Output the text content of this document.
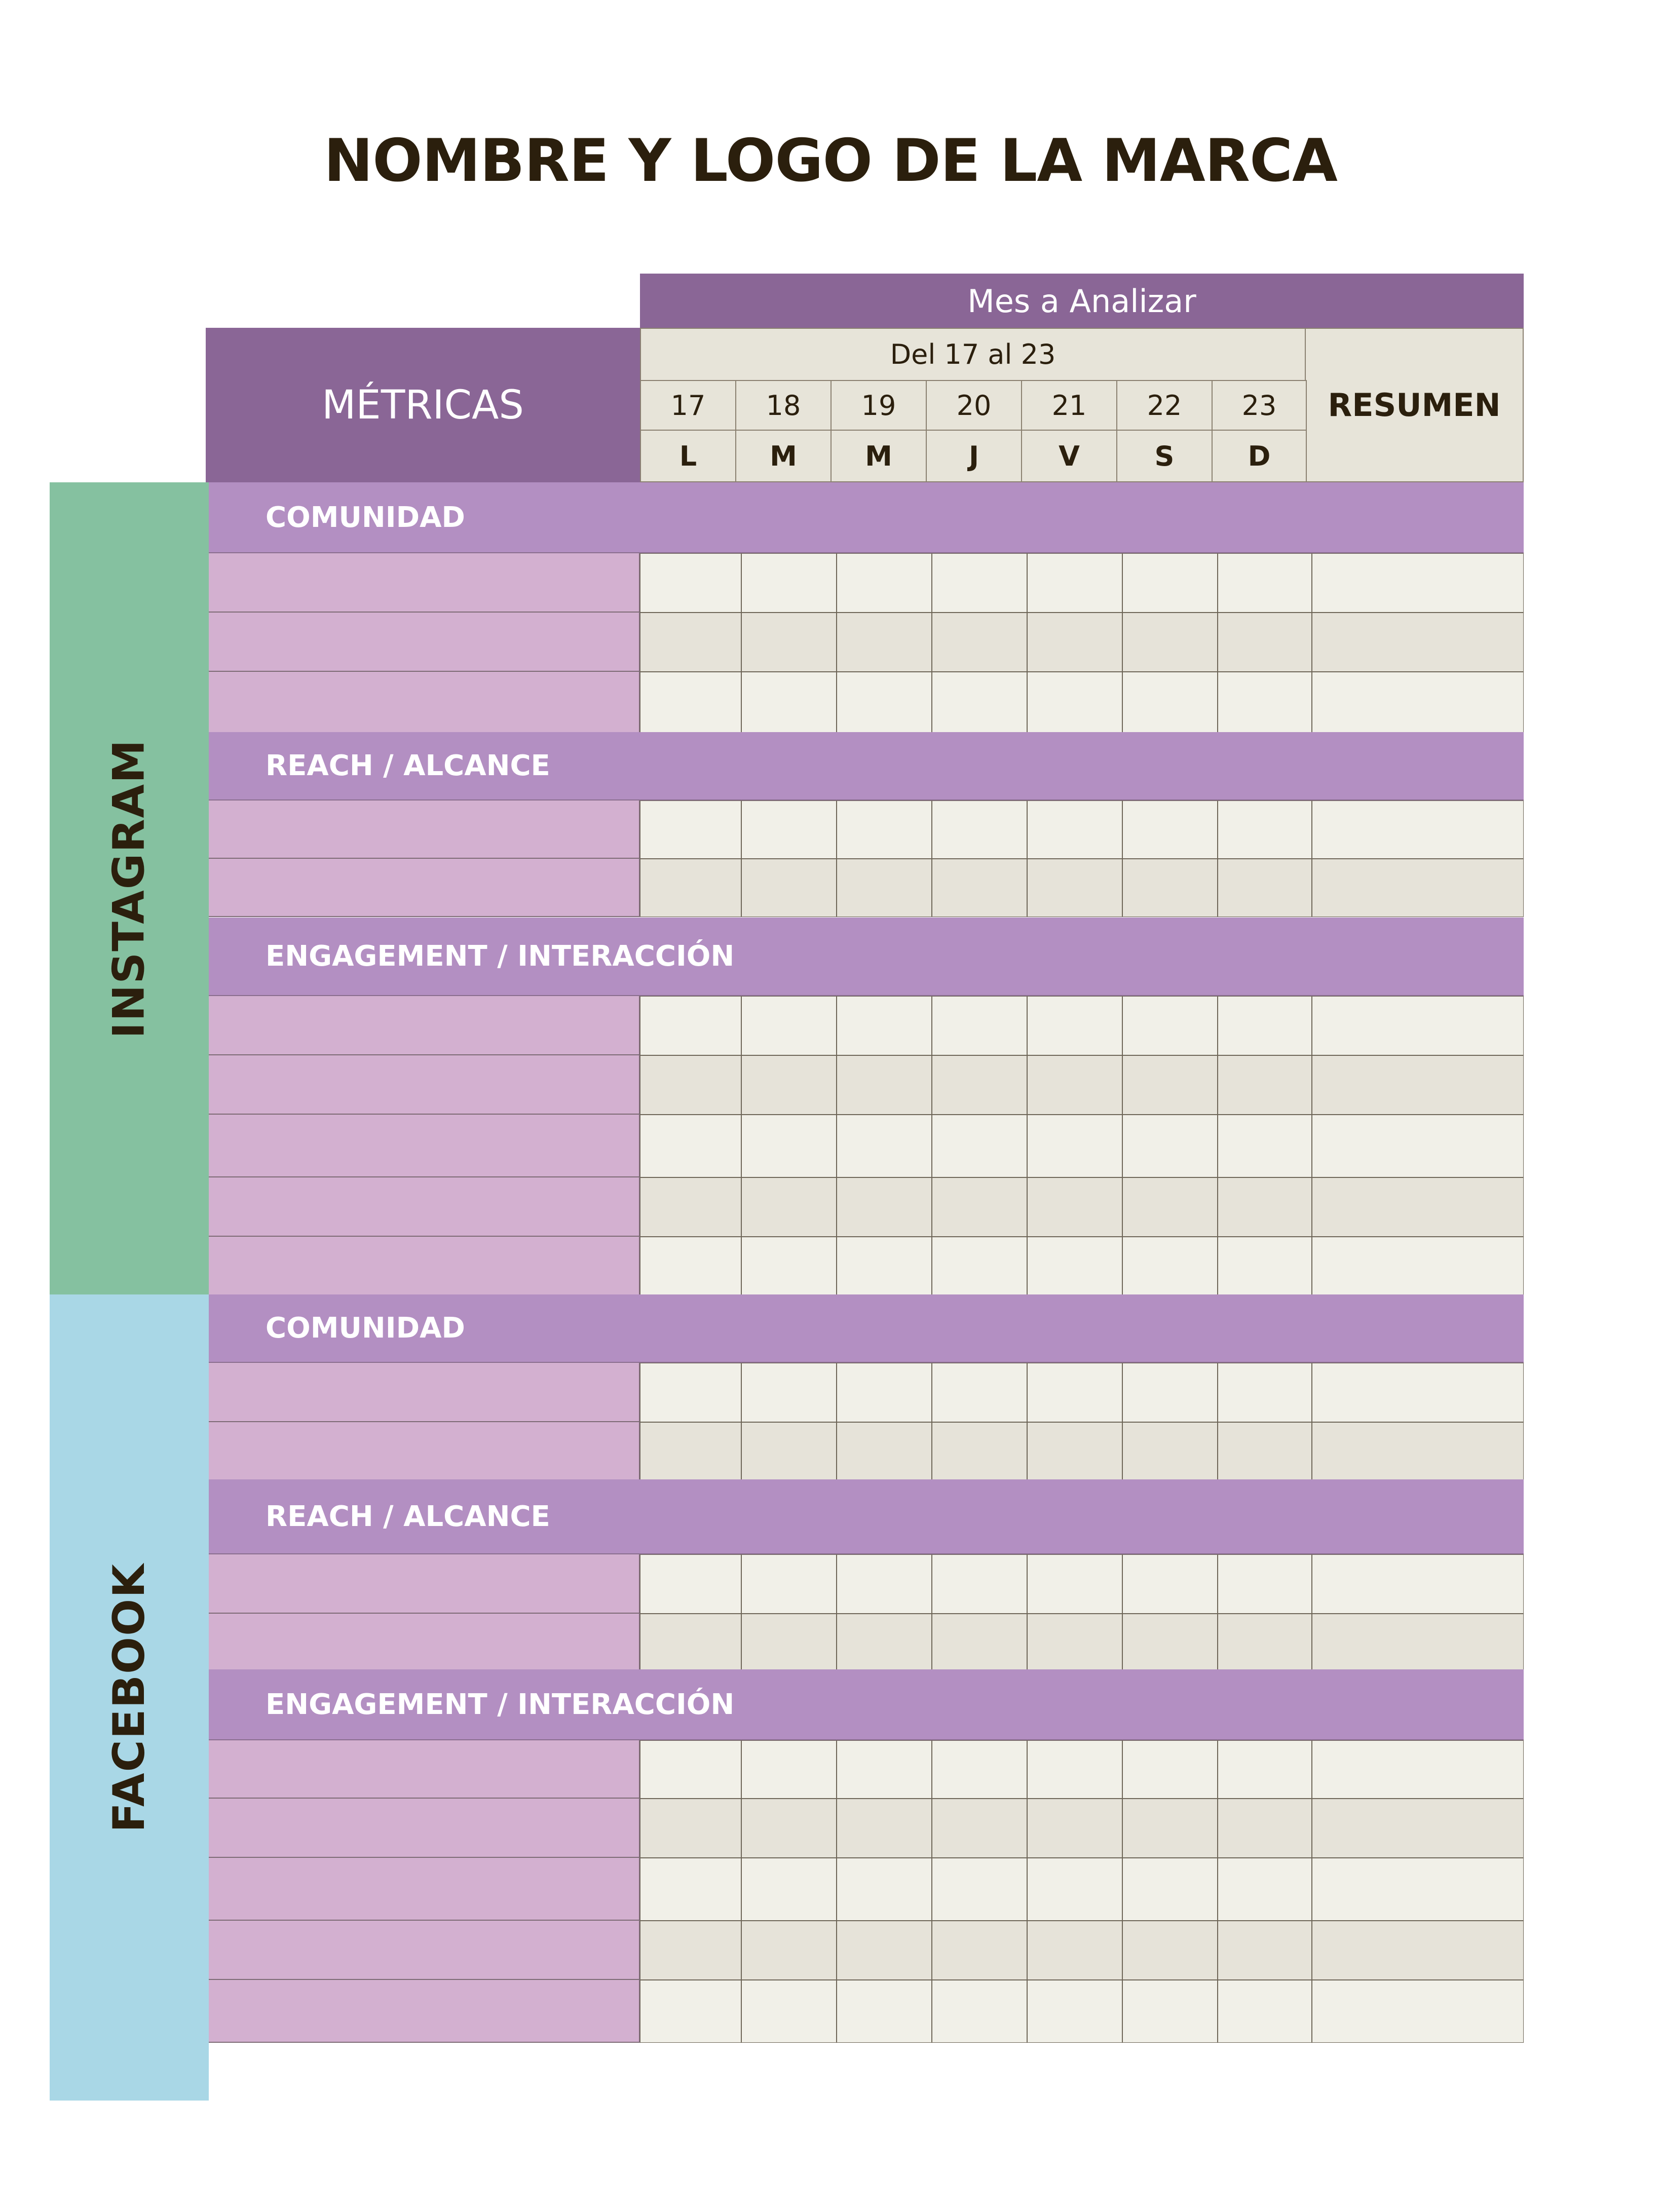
NOMBRE Y LOGO DE LA MARCA
Mes a Analizar
MÉTRICAS
Del 17 al 23
RESUMEN
17
L
18
M
19
M
20
J
21
V
22
S
23
D
INSTAGRAM
COMUNIDAD
REACH / ALCANCE
ENGAGEMENT / INTERACCIÓN
FACEBOOK
COMUNIDAD
REACH / ALCANCE
ENGAGEMENT / INTERACCIÓN
